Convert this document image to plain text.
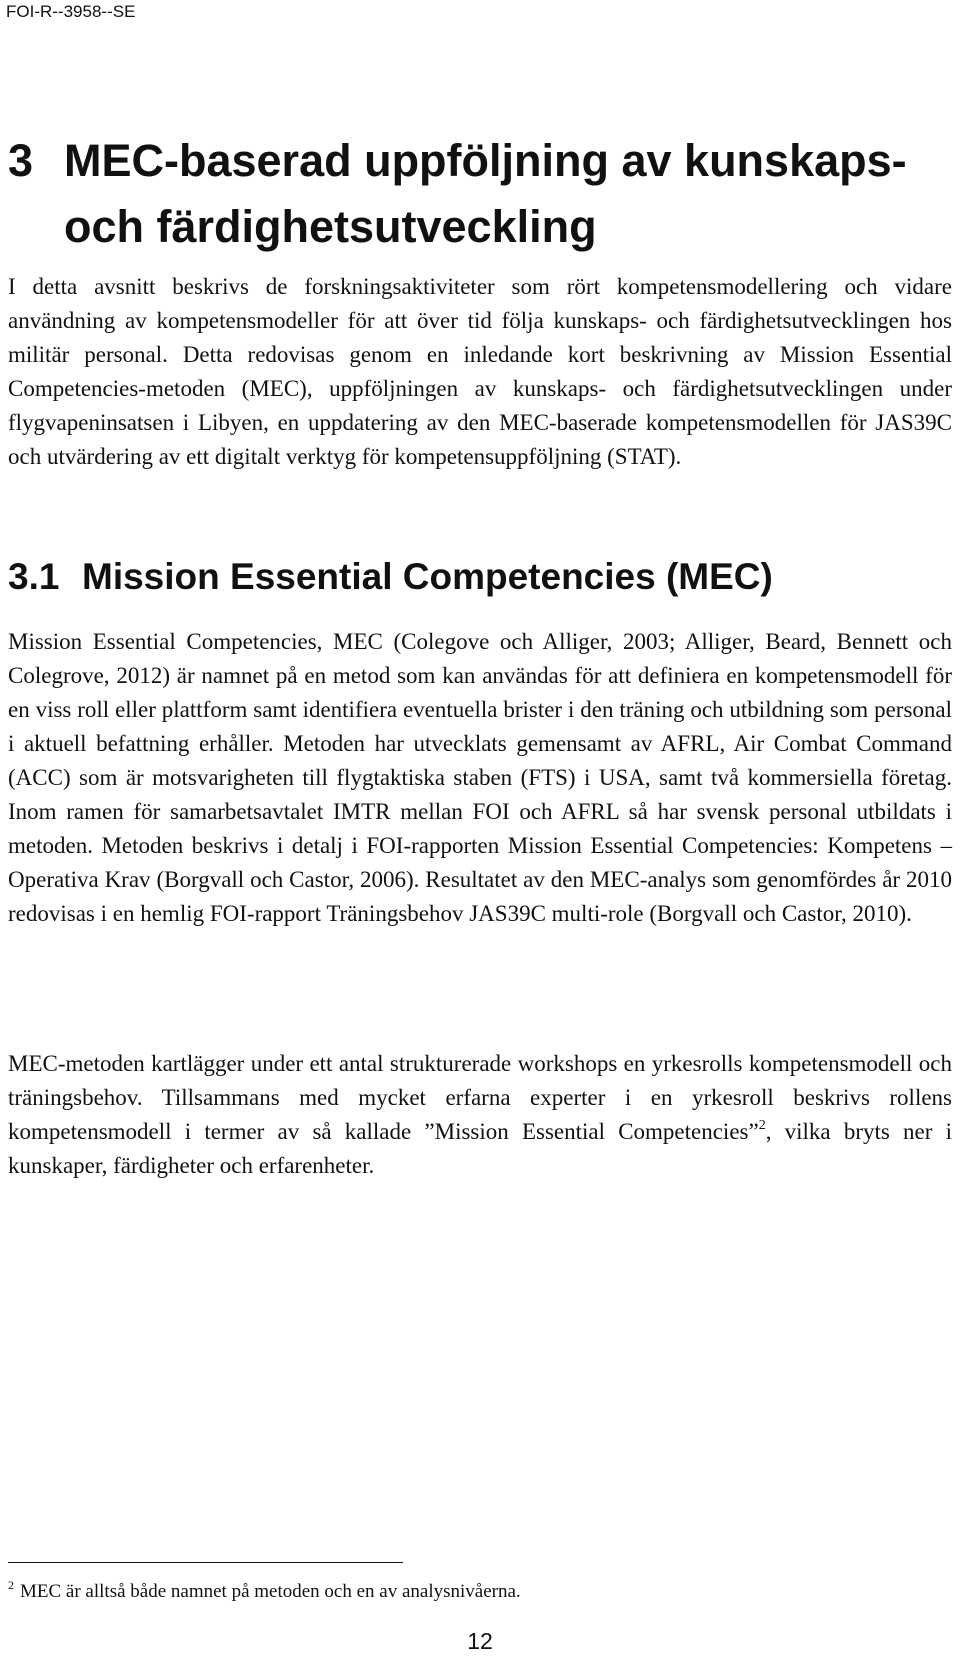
FOI-R--3958--SE
3 MEC-baserad uppföljning av kunskaps- och färdighetsutveckling

I detta avsnitt beskrivs de forskningsaktiviteter som rört kompetensmodellering och vidare användning av kompetensmodeller för att över tid följa kunskaps- och färdighetsutvecklingen hos militär personal. Detta redovisas genom en inledande kort beskrivning av Mission Essential Competencies-metoden (MEC), uppföljningen av kunskaps- och färdighetsutvecklingen under flygvapeninsatsen i Libyen, en uppdatering av den MEC-baserade kompetensmodellen för JAS39C och utvärdering av ett digitalt verktyg för kompetensuppföljning (STAT).

3.1 Mission Essential Competencies (MEC)

Mission Essential Competencies, MEC (Colegove och Alliger, 2003; Alliger, Beard, Bennett och Colegrove, 2012) är namnet på en metod som kan användas för att definiera en kompetensmodell för en viss roll eller plattform samt identifiera eventuella brister i den träning och utbildning som personal i aktuell befattning erhåller. Metoden har utvecklats gemensamt av AFRL, Air Combat Command (ACC) som är motsvarigheten till flygtaktiska staben (FTS) i USA, samt två kommersiella företag. Inom ramen för samarbetsavtalet IMTR mellan FOI och AFRL så har svensk personal utbildats i metoden. Metoden beskrivs i detalj i FOI-rapporten Mission Essential Competencies: Kompetens – Operativa Krav (Borgvall och Castor, 2006). Resultatet av den MEC-analys som genomfördes år 2010 redovisas i en hemlig FOI-rapport Träningsbehov JAS39C multi-role (Borgvall och Castor, 2010).

MEC-metoden kartlägger under ett antal strukturerade workshops en yrkesrolls kompetensmodell och träningsbehov. Tillsammans med mycket erfarna experter i en yrkesroll beskrivs rollens kompetensmodell i termer av så kallade ”Mission Essential Competencies”$^2$, vilka bryts ner i kunskaper, färdigheter och erfarenheter.

$^2$ MEC är alltså både namnet på metoden och en av analysnivåerna.
12
